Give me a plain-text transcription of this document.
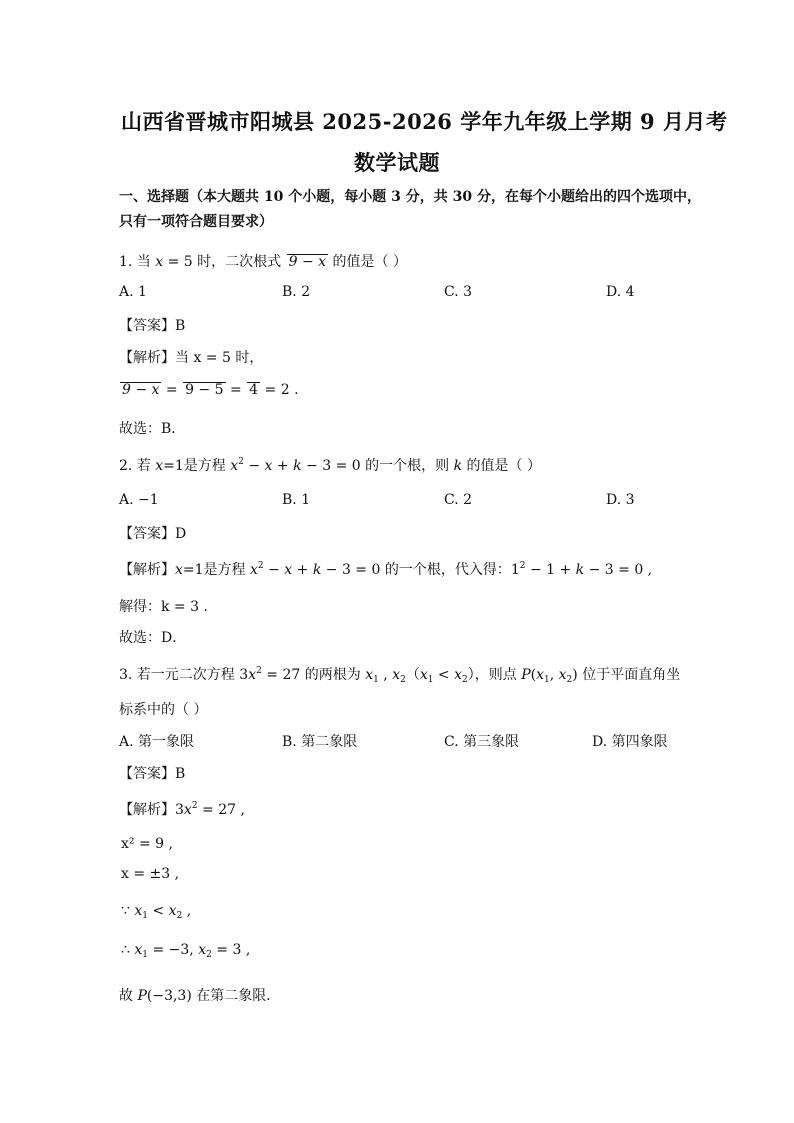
山西省晋城市阳城县 2025-2026 学年九年级上学期 9 月月考
数学试题
一、选择题（本大题共 10 个小题，每小题 3 分，共 30 分，在每个小题给出的四个选项中，
只有一项符合题目要求）
1. 当 x = 5 时，二次根式 9 − x 的值是（ ）
A. 1	B. 2	C. 3	D. 4
【答案】B
【解析】当 x = 5 时，
9 − x = 9 − 5 = 4 = 2 .
故选：B．
2. 若 x=1是方程 $x^2 - x + k - 3 = 0$ 的一个根，则 k 的值是（ ）
A. −1	B. 1	C. 2	D. 3
【答案】D
【解析】x=1是方程 $x^2 - x + k - 3 = 0$ 的一个根，代入得：$1^2 - 1 + k - 3 = 0$ ,
解得：k = 3 .
故选：D．
3. 若一元二次方程 $3x^2 = 27$ 的两根为 $x_1$ , $x_2(x_1 < x_2)$，则点 $P(x_1$, $x_2$) 位于平面直角坐
标系中的（ ）
A. 第一象限	B. 第二象限	C. 第三象限	D. 第四象限
【答案】B
【解析】$3x^2 = 27$ ,
x² = 9 ,
x = ±3 ,
∵ $x_1 < x_2$ ,
∴ $x_1 = -3$, $x_2 = 3$ ,
故 P(−3,3) 在第二象限．
